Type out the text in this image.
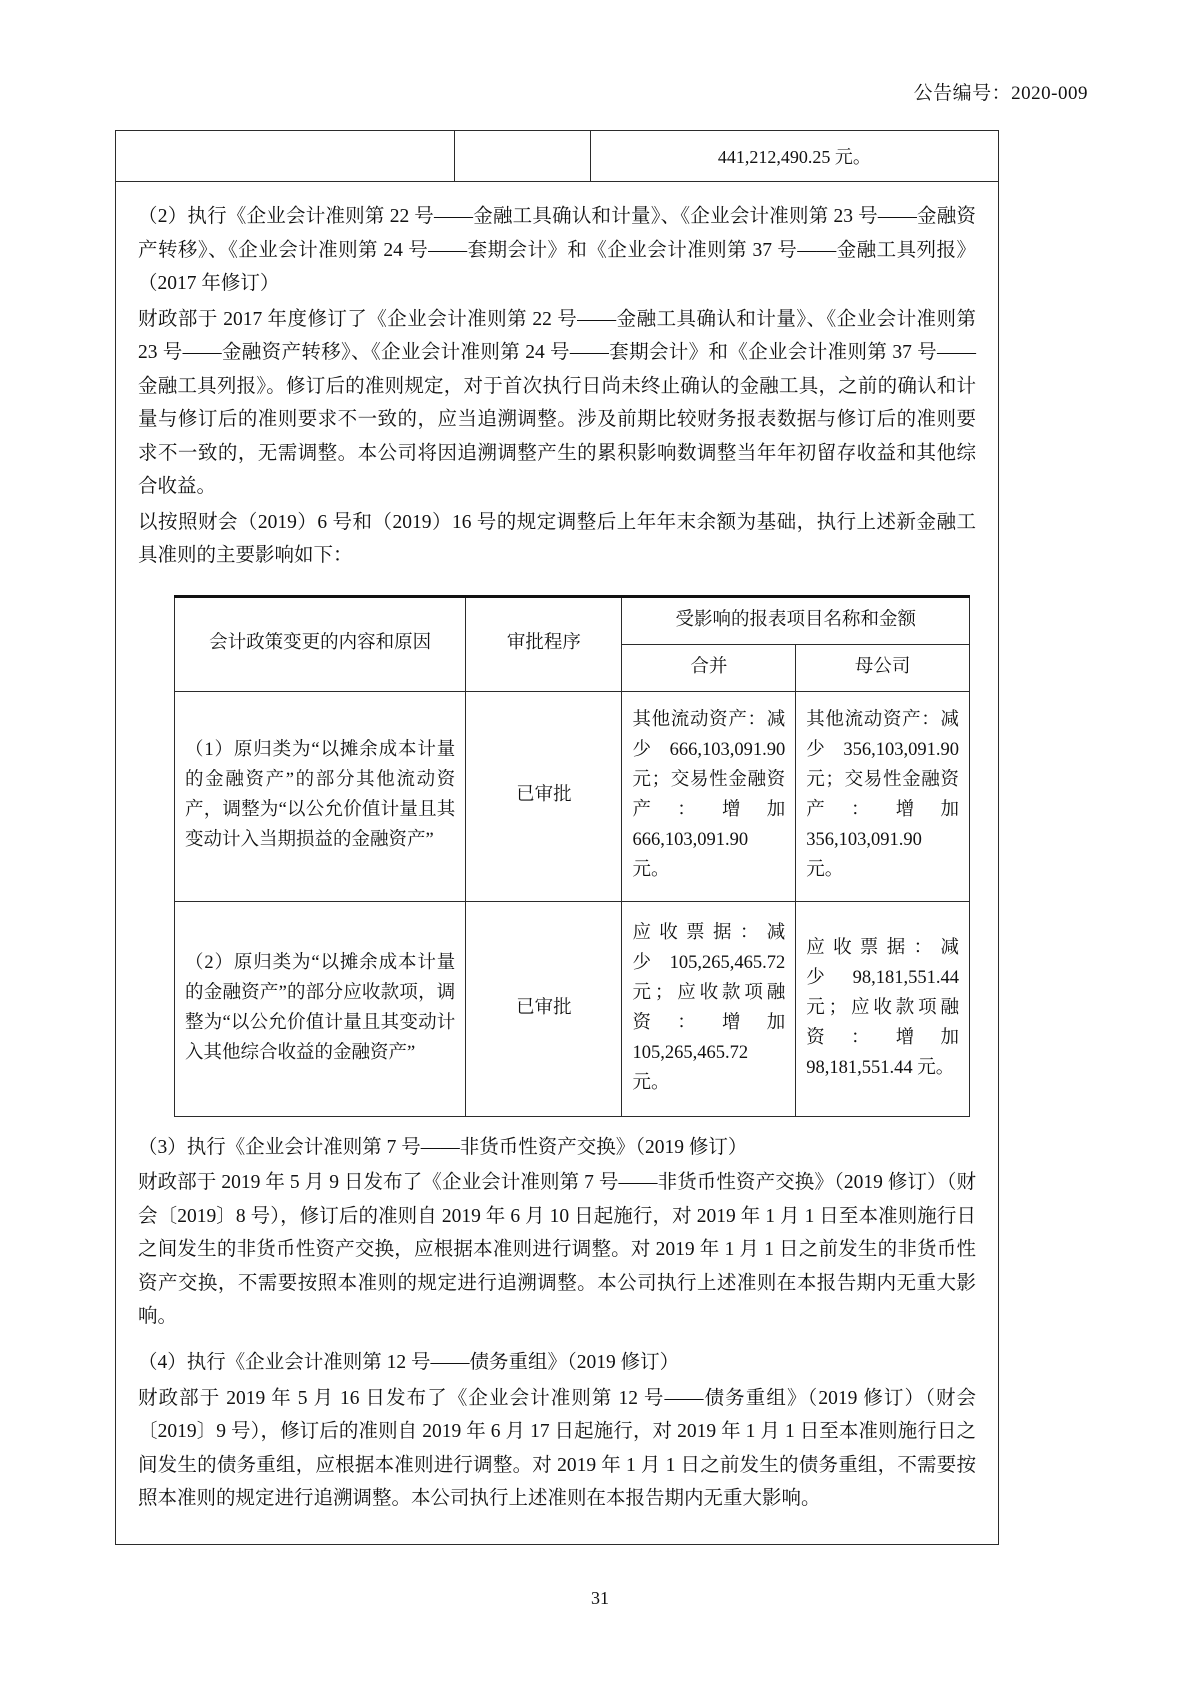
公告编号：2020-009
		441,212,490.25 元。

（2）执行《企业会计准则第 22 号——金融工具确认和计量》、《企业会计准则第 23 号——金融资产转移》、《企业会计准则第 24 号——套期会计》和《企业会计准则第 37 号——金融工具列报》（2017 年修订）

财政部于 2017 年度修订了《企业会计准则第 22 号——金融工具确认和计量》、《企业会计准则第 23 号——金融资产转移》、《企业会计准则第 24 号——套期会计》和《企业会计准则第 37 号——金融工具列报》。修订后的准则规定，对于首次执行日尚未终止确认的金融工具，之前的确认和计量与修订后的准则要求不一致的，应当追溯调整。涉及前期比较财务报表数据与修订后的准则要求不一致的，无需调整。本公司将因追溯调整产生的累积影响数调整当年年初留存收益和其他综合收益。

以按照财会（2019）6 号和（2019）16 号的规定调整后上年年末余额为基础，执行上述新金融工具准则的主要影响如下：

会计政策变更的内容和原因	审批程序	受影响的报表项目名称和金额	
		合并	母公司
（1）原归类为“以摊余成本计量的金融资产”的部分其他流动资产，调整为“以公允价值计量且其变动计入当期损益的金融资产”	已审批	其他流动资产：减少 666,103,091.90 元；交易性金融资产：增加　666,103,091.90 元。	其他流动资产：减少 356,103,091.90 元；交易性金融资产：增加　356,103,091.90 元。
（2）原归类为“以摊余成本计量的金融资产”的部分应收款项，调整为“以公允价值计量且其变动计入其他综合收益的金融资产”	已审批	应 收 票 据 ： 减 少 105,265,465.72 元；应收款项融资：增加 105,265,465.72 元。	应 收 票 据 ： 减 少 98,181,551.44 元；应收款项融资：增加 98,181,551.44 元。

（3）执行《企业会计准则第 7 号——非货币性资产交换》（2019 修订）

财政部于 2019 年 5 月 9 日发布了《企业会计准则第 7 号——非货币性资产交换》（2019 修订）（财会〔2019〕8 号），修订后的准则自 2019 年 6 月 10 日起施行，对 2019 年 1 月 1 日至本准则施行日之间发生的非货币性资产交换，应根据本准则进行调整。对 2019 年 1 月 1 日之前发生的非货币性资产交换，不需要按照本准则的规定进行追溯调整。本公司执行上述准则在本报告期内无重大影响。

（4）执行《企业会计准则第 12 号——债务重组》（2019 修订）

财政部于 2019 年 5 月 16 日发布了《企业会计准则第 12 号——债务重组》（2019 修订）（财会〔2019〕9 号），修订后的准则自 2019 年 6 月 17 日起施行，对 2019 年 1 月 1 日至本准则施行日之间发生的债务重组，应根据本准则进行调整。对 2019 年 1 月 1 日之前发生的债务重组，不需要按照本准则的规定进行追溯调整。本公司执行上述准则在本报告期内无重大影响。

31
